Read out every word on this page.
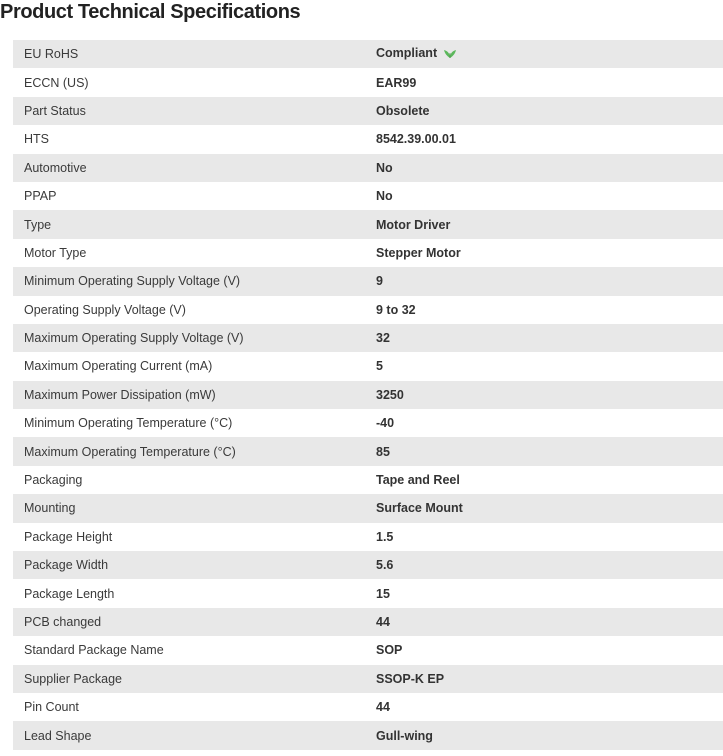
Product Technical Specifications
EU RoHS	Compliant
ECCN (US)	EAR99
Part Status	Obsolete
HTS	8542.39.00.01
Automotive	No
PPAP	No
Type	Motor Driver
Motor Type	Stepper Motor
Minimum Operating Supply Voltage (V)	9
Operating Supply Voltage (V)	9 to 32
Maximum Operating Supply Voltage (V)	32
Maximum Operating Current (mA)	5
Maximum Power Dissipation (mW)	3250
Minimum Operating Temperature (°C)	-40
Maximum Operating Temperature (°C)	85
Packaging	Tape and Reel
Mounting	Surface Mount
Package Height	1.5
Package Width	5.6
Package Length	15
PCB changed	44
Standard Package Name	SOP
Supplier Package	SSOP-K EP
Pin Count	44
Lead Shape	Gull-wing
